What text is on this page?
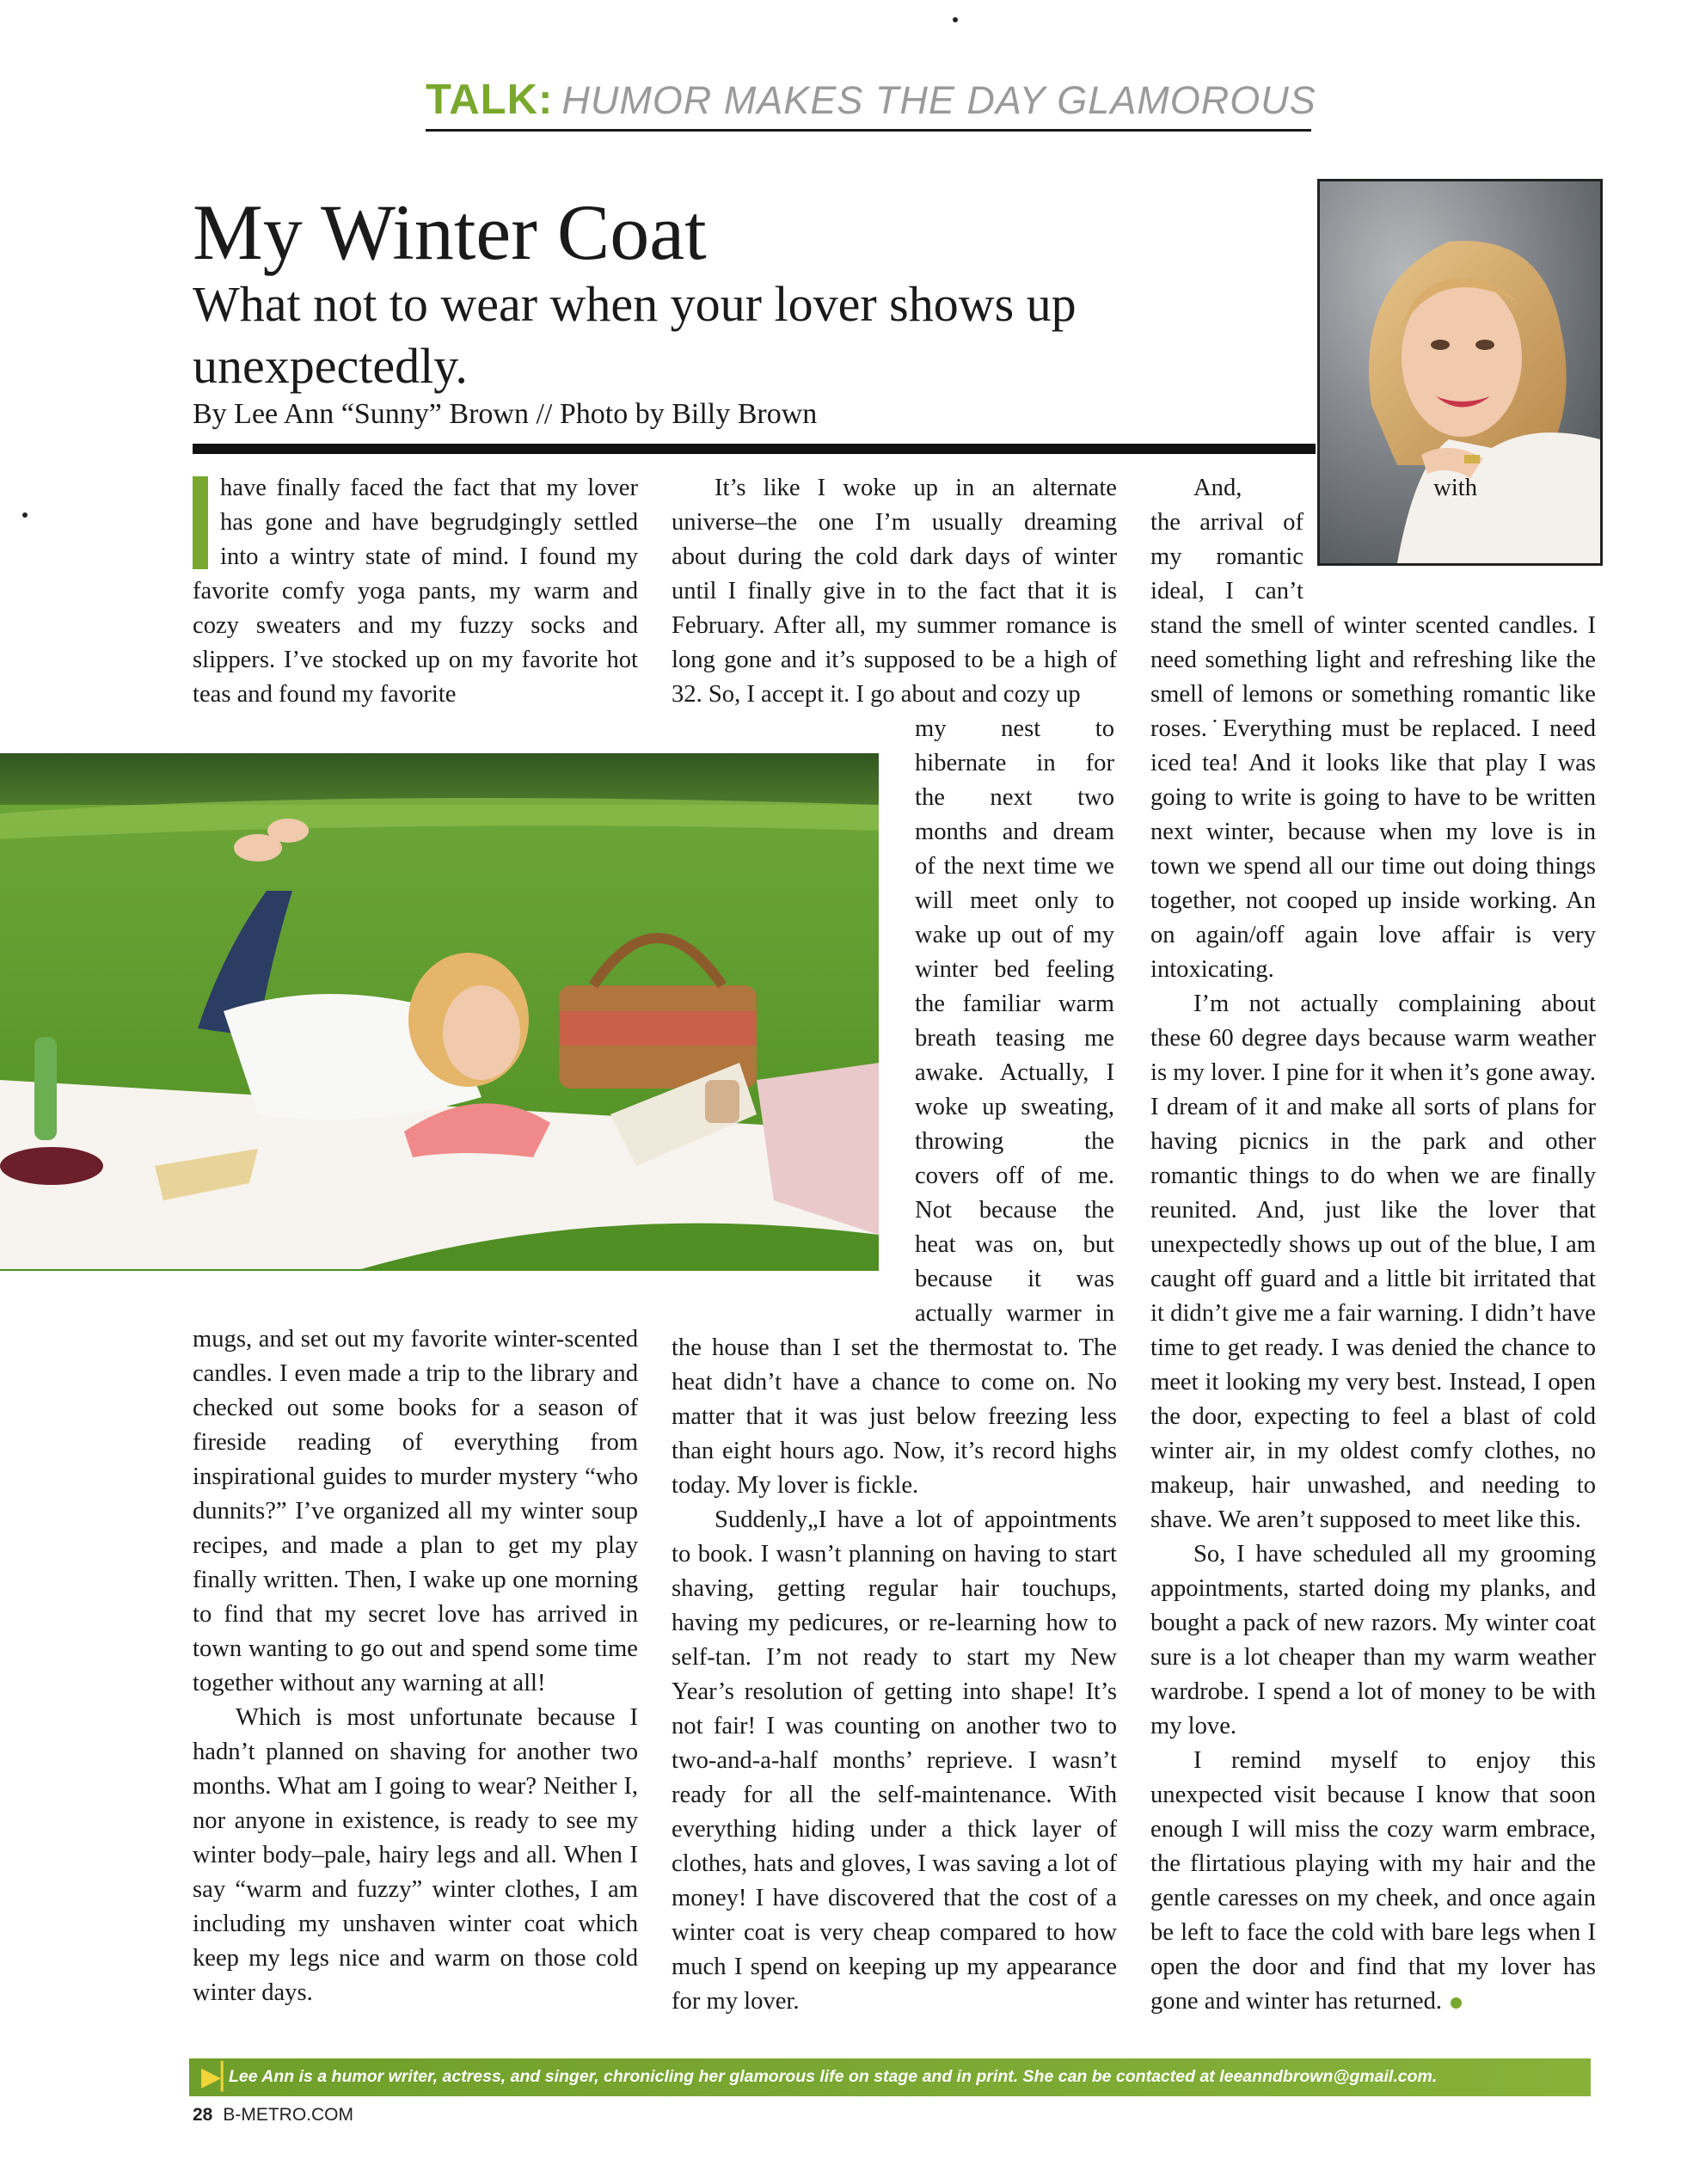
TALK: HUMOR MAKES THE DAY GLAMOROUS
My Winter Coat
What not to wear when your lover shows up unexpectedly.
By Lee Ann “Sunny” Brown // Photo by Billy Brown

have finally faced the fact that my lover has gone and have begrudgingly settled into a wintry state of mind. I found my favorite comfy yoga pants, my warm and cozy sweaters and my fuzzy socks and slippers. I’ve stocked up on my favorite hot teas and found my favorite

mugs, and set out my favorite winter-scented candles. I even made a trip to the library and checked out some books for a season of fireside reading of everything from inspirational guides to murder mystery “who dunnits?” I’ve organized all my winter soup recipes, and made a plan to get my play finally written. Then, I wake up one morning to find that my secret love has arrived in town wanting to go out and spend some time together without any warning at all!

Which is most unfortunate because I hadn’t planned on shaving for another two months. What am I going to wear? Neither I, nor anyone in existence, is ready to see my winter body–pale, hairy legs and all. When I say “warm and fuzzy” winter clothes, I am including my unshaven winter coat which keep my legs nice and warm on those cold winter days.

It’s like I woke up in an alternate universe–the one I’m usually dreaming about during the cold dark days of winter until I finally give in to the fact that it is February. After all, my summer romance is long gone and it’s supposed to be a high of 32. So, I accept it. I go about and cozy up

my nest to
hibernate in for
the next two
months and dream
of the next time we
will meet only to
wake up out of my
winter bed feeling
the familiar warm
breath teasing me
awake. Actually, I
woke up sweating,
throwing the
covers off of me.
Not because the
heat was on, but
because it was
actually warmer in

the house than I set the thermostat to. The heat didn’t have a chance to come on. No matter that it was just below freezing less than eight hours ago. Now, it’s record highs today. My lover is fickle.

Suddenly„I have a lot of appointments to book. I wasn’t planning on having to start shaving, getting regular hair touchups, having my pedicures, or re-learning how to self-tan. I’m not ready to start my New Year’s resolution of getting into shape! It’s not fair! I was counting on another two to two-and-a-half months’ reprieve. I wasn’t ready for all the self-maintenance. With everything hiding under a thick layer of clothes, hats and gloves, I was saving a lot of money! I have discovered that the cost of a winter coat is very cheap compared to how much I spend on keeping up my appearance for my lover.

And, with
the arrival of
my romantic
ideal, I can’t

stand the smell of winter scented candles. I need something light and refreshing like the smell of lemons or something romantic like roses.˙Everything must be replaced. I need iced tea! And it looks like that play I was going to write is going to have to be written next winter, because when my love is in town we spend all our time out doing things together, not cooped up inside working. An on again/off again love affair is very intoxicating.

I’m not actually complaining about these 60 degree days because warm weather is my lover. I pine for it when it’s gone away. I dream of it and make all sorts of plans for having picnics in the park and other romantic things to do when we are finally reunited. And, just like the lover that unexpectedly shows up out of the blue, I am caught off guard and a little bit irritated that it didn’t give me a fair warning. I didn’t have time to get ready. I was denied the chance to meet it looking my very best. Instead, I open the door, expecting to feel a blast of cold winter air, in my oldest comfy clothes, no makeup, hair unwashed, and needing to shave. We aren’t supposed to meet like this.

So, I have scheduled all my grooming appointments, started doing my planks, and bought a pack of new razors. My winter coat sure is a lot cheaper than my warm weather wardrobe. I spend a lot of money to be with my love.

I remind myself to enjoy this unexpected visit because I know that soon enough I will miss the cozy warm embrace, the flirtatious playing with my hair and the gentle caresses on my cheek, and once again be left to face the cold with bare legs when I open the door and find that my lover has gone and winter has returned.

▶▏
Lee Ann is a humor writer, actress, and singer, chronicling her glamorous life on stage and in print. She can be contacted at leeanndbrown@gmail.com.
28 B-METRO.COM
